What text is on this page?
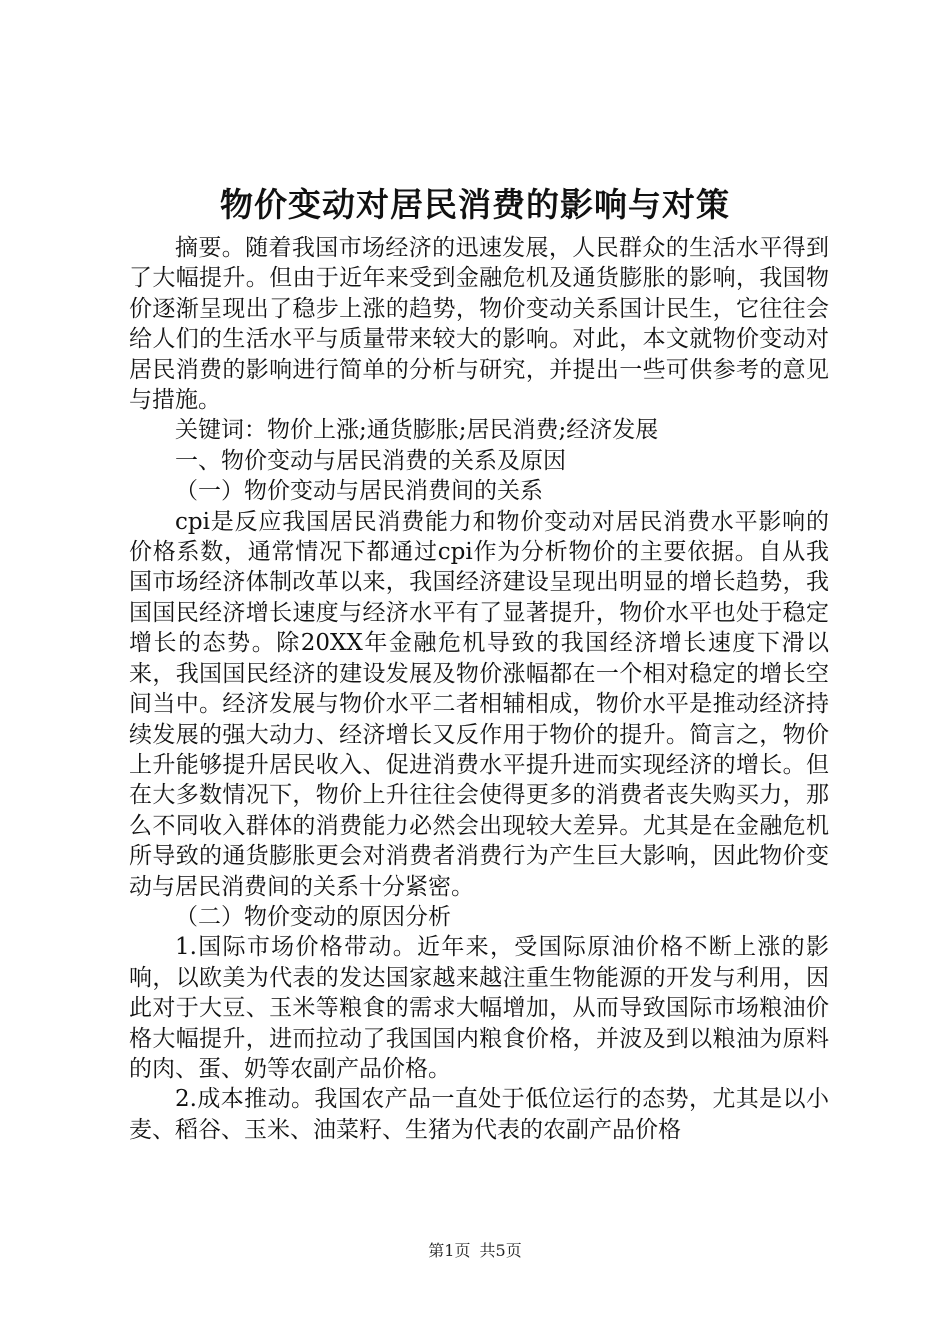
物价变动对居民消费的影响与对策

摘要。随着我国市场经济的迅速发展，人民群众的生活水平得到了大幅提升。但由于近年来受到金融危机及通货膨胀的影响，我国物价逐渐呈现出了稳步上涨的趋势，物价变动关系国计民生，它往往会给人们的生活水平与质量带来较大的影响。对此，本文就物价变动对居民消费的影响进行简单的分析与研究，并提出一些可供参考的意见与措施。

关键词：物价上涨;通货膨胀;居民消费;经济发展

一、物价变动与居民消费的关系及原因

（一）物价变动与居民消费间的关系

cpi是反应我国居民消费能力和物价变动对居民消费水平影响的价格系数，通常情况下都通过cpi作为分析物价的主要依据。自从我国市场经济体制改革以来，我国经济建设呈现出明显的增长趋势，我国国民经济增长速度与经济水平有了显著提升，物价水平也处于稳定增长的态势。除20XX年金融危机导致的我国经济增长速度下滑以来，我国国民经济的建设发展及物价涨幅都在一个相对稳定的增长空间当中。经济发展与物价水平二者相辅相成，物价水平是推动经济持续发展的强大动力、经济增长又反作用于物价的提升。简言之，物价上升能够提升居民收入、促进消费水平提升进而实现经济的增长。但在大多数情况下，物价上升往往会使得更多的消费者丧失购买力，那么不同收入群体的消费能力必然会出现较大差异。尤其是在金融危机所导致的通货膨胀更会对消费者消费行为产生巨大影响，因此物价变动与居民消费间的关系十分紧密。

（二）物价变动的原因分析

1.国际市场价格带动。近年来，受国际原油价格不断上涨的影响，以欧美为代表的发达国家越来越注重生物能源的开发与利用，因此对于大豆、玉米等粮食的需求大幅增加，从而导致国际市场粮油价格大幅提升，进而拉动了我国国内粮食价格，并波及到以粮油为原料的肉、蛋、奶等农副产品价格。

2.成本推动。我国农产品一直处于低位运行的态势，尤其是以小麦、稻谷、玉米、油菜籽、生猪为代表的农副产品价格

第1页 共5页
